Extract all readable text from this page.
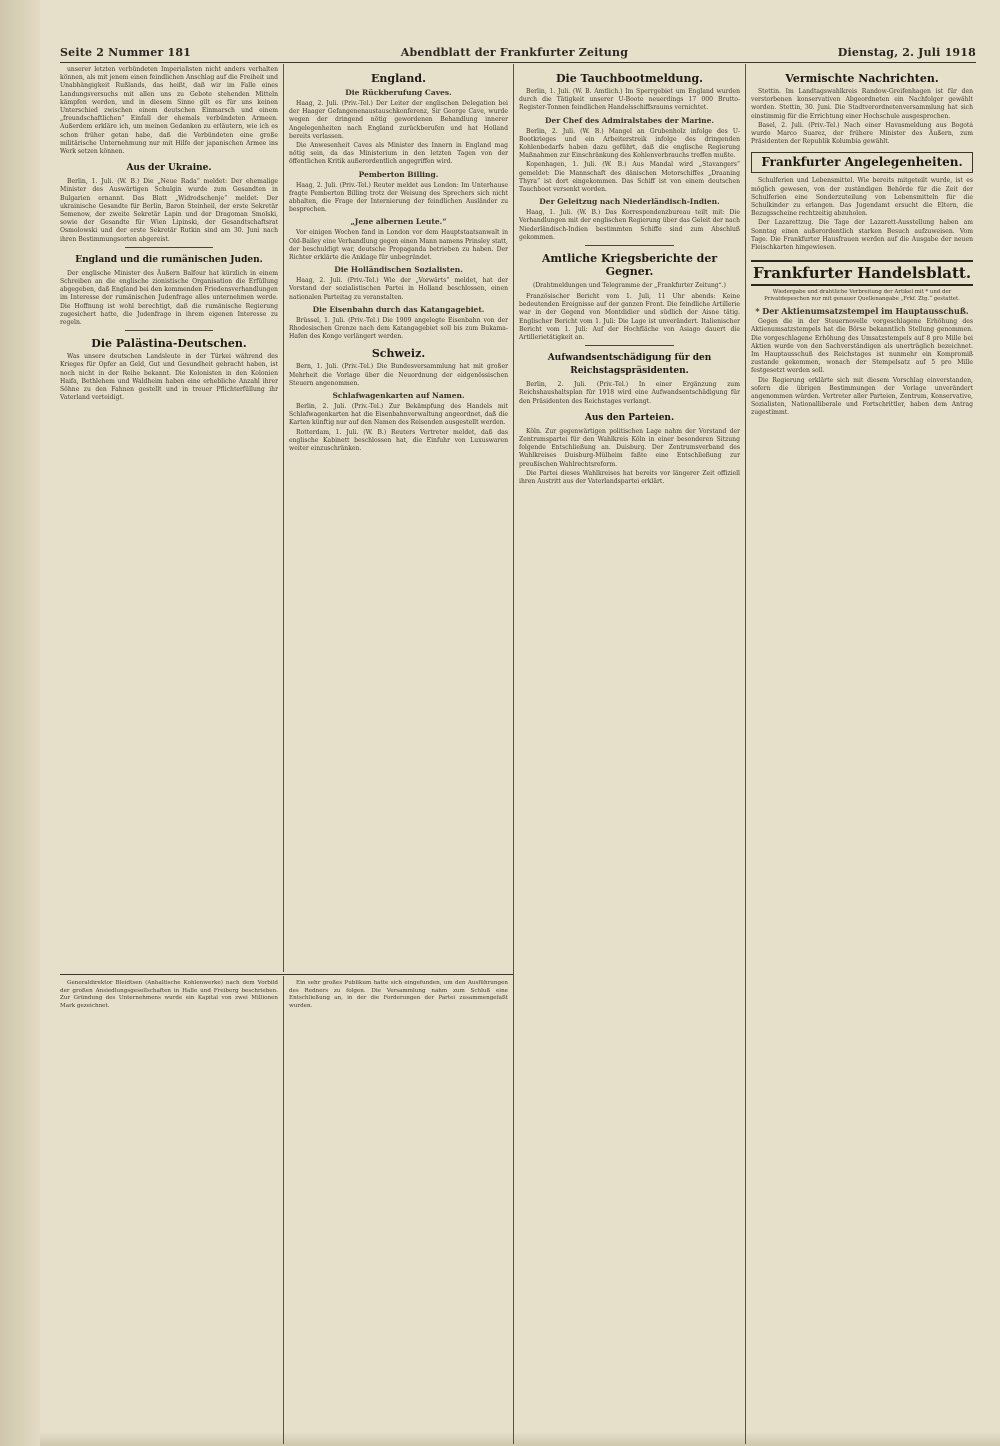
Seite 2 Nummer 181	Abendblatt der Frankfurter Zeitung	Dienstag, 2. Juli 1918

unserer letzten verbündeten Imperialisten nicht anders verhalten können, als mit jenem einen feindlichen Anschlag auf die Freiheit und Unabhängigkeit Rußlands, das heißt, daß wir im Falle eines Landungsversuchs mit allen uns zu Gebote stehenden Mitteln kämpfen werden, und in diesem Sinne gilt es für uns keinen Unterschied zwischen einem deutschen Einmarsch und einem „freundschaftlichen“ Einfall der ehemals verbündeten Armeen. Außerdem erkläre ich, um meinen Gedanken zu erläutern, wie ich es schon früher getan habe, daß die Verbündeten eine große militärische Unternehmung nur mit Hilfe der japanischen Armee ins Werk setzen können.

Aus der Ukraine.

Berlin, 1. Juli. (W. B.) Die „Neue Rada“ meldet: Der ehemalige Minister des Auswärtigen Schulgin wurde zum Gesandten in Bulgarien ernannt. Das Blatt „Widrodschenje“ meldet: Der ukrainische Gesandte für Berlin, Baron Steinheil, der erste Sekretär Semenow, der zweite Sekretär Lapin und der Dragoman Smolski, sowie der Gesandte für Wien Lipinski, der Gesandtschaftsrat Osmolowski und der erste Sekretär Rutkin sind am 30. Juni nach ihren Bestimmungsorten abgereist.

England und die rumänischen Juden.

Der englische Minister des Äußern Balfour hat kürzlich in einem Schreiben an die englische zionistische Organisation die Erfüllung abgegeben, daß England bei den kommenden Friedensverhandlungen im Interesse der rumänischen Judenfrage alles unternehmen werde. Die Hoffnung ist wohl berechtigt, daß die rumänische Regierung zugesichert hatte, die Judenfrage in ihrem eigenen Interesse zu regeln.

Die Palästina-Deutschen.

Was unsere deutschen Landsleute in der Türkei während des Krieges für Opfer an Geld, Gut und Gesundheit gebracht haben, ist noch nicht in der Reihe bekannt. Die Kolonisten in den Kolonien Haifa, Bethlehem und Waldheim haben eine erhebliche Anzahl ihrer Söhne zu den Fahnen gestellt und in treuer Pflichterfüllung ihr Vaterland verteidigt.

England.
Die Rückberufung Caves.

Haag, 2. Juli. (Priv.-Tel.) Der Leiter der englischen Delegation bei der Haager Gefangenenaustauschkonferenz, Sir George Cave, wurde wegen der dringend nötig gewordenen Behandlung innerer Angelegenheiten nach England zurückberufen und hat Holland bereits verlassen.

Die Anwesenheit Caves als Minister des Innern in England mag nötig sein, da das Ministerium in den letzten Tagen von der öffentlichen Kritik außerordentlich angegriffen wird.

Pemberton Billing.

Haag, 2. Juli. (Priv.-Tel.) Reuter meldet aus London: Im Unterhause fragte Pemberton Billing trotz der Weisung des Sprechers sich nicht abhalten, die Frage der Internierung der feindlichen Ausländer zu besprechen.

„Jene albernen Leute.“

Vor einigen Wochen fand in London vor dem Hauptstaatsanwalt in Old-Bailey eine Verhandlung gegen einen Mann namens Prinsley statt, der beschuldigt war, deutsche Propaganda betrieben zu haben. Der Richter erklärte die Anklage für unbegründet.

Die Holländischen Sozialisten.

Haag, 2. Juli. (Priv.-Tel.) Wie der „Vorwärts“ meldet, hat der Vorstand der sozialistischen Partei in Holland beschlossen, einen nationalen Parteitag zu veranstalten.

Die Eisenbahn durch das Katangagebiet.

Brüssel, 1. Juli. (Priv.-Tel.) Die 1909 angelegte Eisenbahn von der Rhodesischen Grenze nach dem Katangagebiet soll bis zum Bukama-Hafen des Kongo verlängert werden.

Schweiz.

Bern, 1. Juli. (Priv.-Tel.) Die Bundesversammlung hat mit großer Mehrheit die Vorlage über die Neuordnung der eidgenössischen Steuern angenommen.

Schlafwagenkarten auf Namen.

Berlin, 2. Juli. (Priv.-Tel.) Zur Bekämpfung des Handels mit Schlafwagenkarten hat die Eisenbahnverwaltung angeordnet, daß die Karten künftig nur auf den Namen des Reisenden ausgestellt werden.

Rotterdam, 1. Juli. (W. B.) Reuters Vertreter meldet, daß das englische Kabinett beschlossen hat, die Einfuhr von Luxuswaren weiter einzuschränken.

Generaldirektor Bleidtsen (Anhaltische Kohlenwerke) nach dem Vorbild der großen Ansiedlungsgesellschaften in Halle und Freiberg beschrieben. Zur Gründung des Unternehmens wurde ein Kapital von zwei Millionen Mark gezeichnet.

Ein sehr großes Publikum hatte sich eingefunden, um den Ausführungen des Redners zu folgen. Die Versammlung nahm zum Schluß eine Entschließung an, in der die Forderungen der Partei zusammengefaßt wurden.

Die Tauchbootmeldung.

Berlin, 1. Juli. (W. B. Amtlich.) Im Sperrgebiet um England wurden durch die Tätigkeit unserer U-Boote neuerdings 17 000 Brutto-Register-Tonnen feindlichen Handelsschiffsraums vernichtet.

Der Chef des Admiralstabes der Marine.

Berlin, 2. Juli. (W. B.) Mangel an Grubenholz infolge des U-Bootkrieges und ein Arbeiterstreik infolge des dringenden Kohlenbedarfs haben dazu geführt, daß die englische Regierung Maßnahmen zur Einschränkung des Kohlenverbrauchs treffen mußte.

Kopenhagen, 1. Juli. (W. B.) Aus Mandal wird „Stavangers“ gemeldet: Die Mannschaft des dänischen Motorschiffes „Draaning Thyra“ ist dort eingekommen. Das Schiff ist von einem deutschen Tauchboot versenkt worden.

Der Geleitzug nach Niederländisch-Indien.

Haag, 1. Juli. (W. B.) Das Korrespondenzbureau teilt mit: Die Verhandlungen mit der englischen Regierung über das Geleit der nach Niederländisch-Indien bestimmten Schiffe sind zum Abschluß gekommen.

Amtliche Kriegsberichte der Gegner.
(Drahtmeldungen und Telegramme der „Frankfurter Zeitung“.)

Französischer Bericht vom 1. Juli, 11 Uhr abends: Keine bedeutenden Ereignisse auf der ganzen Front. Die feindliche Artillerie war in der Gegend von Montdidier und südlich der Aisne tätig. Englischer Bericht vom 1. Juli: Die Lage ist unverändert. Italienischer Bericht vom 1. Juli: Auf der Hochfläche von Asiago dauert die Artillerietätigkeit an.

Aufwandsentschädigung für den Reichstagspräsidenten.

Berlin, 2. Juli. (Priv.-Tel.) In einer Ergänzung zum Reichshaushaltsplan für 1918 wird eine Aufwandsentschädigung für den Präsidenten des Reichstages verlangt.

Aus den Parteien.

Köln. Zur gegenwärtigen politischen Lage nahm der Vorstand der Zentrumspartei für den Wahlkreis Köln in einer besonderen Sitzung folgende Entschließung an. Duisburg. Der Zentrumsverband des Wahlkreises Duisburg-Mülheim faßte eine Entschließung zur preußischen Wahlrechtsreform.

Die Partei dieses Wahlkreises hat bereits vor längerer Zeit offiziell ihren Austritt aus der Vaterlandspartei erklärt.

Vermischte Nachrichten.

Stettin. Im Landtagswahlkreis Randow-Greifenhagen ist für den verstorbenen konservativen Abgeordneten ein Nachfolger gewählt worden. Stettin, 30. Juni. Die Stadtverordnetenversammlung hat sich einstimmig für die Errichtung einer Hochschule ausgesprochen.

Basel, 2. Juli. (Priv.-Tel.) Nach einer Havasmeldung aus Bogotá wurde Marco Suarez, der frühere Minister des Äußern, zum Präsidenten der Republik Kolumbia gewählt.

Frankfurter Angelegenheiten.

Schulferien und Lebensmittel. Wie bereits mitgeteilt wurde, ist es möglich gewesen, von der zuständigen Behörde für die Zeit der Schulferien eine Sonderzuteilung von Lebensmitteln für die Schulkinder zu erlangen. Das Jugendamt ersucht die Eltern, die Bezugsscheine rechtzeitig abzuholen.

Der Lazarettzug. Die Tage der Lazarett-Ausstellung haben am Sonntag einen außerordentlich starken Besuch aufzuweisen. Vom Tage. Die Frankfurter Hausfrauen werden auf die Ausgabe der neuen Fleischkarten hingewiesen.

Frankfurter Handelsblatt.
Wiedergabe und drahtliche Verbreitung der Artikel mit * und der Privatdepeschen nur mit genauer Quellenangabe „Frkf. Ztg.“ gestattet.
* Der Aktienumsatzstempel im Hauptausschuß.

Gegen die in der Steuernovelle vorgeschlagene Erhöhung des Aktienumsatzstempels hat die Börse bekanntlich Stellung genommen. Die vorgeschlagene Erhöhung des Umsatzstempels auf 8 pro Mille bei Aktien wurde von den Sachverständigen als unerträglich bezeichnet. Im Hauptausschuß des Reichstages ist nunmehr ein Kompromiß zustande gekommen, wonach der Stempelsatz auf 5 pro Mille festgesetzt werden soll.

Die Regierung erklärte sich mit diesem Vorschlag einverstanden, sofern die übrigen Bestimmungen der Vorlage unverändert angenommen würden. Vertreter aller Parteien, Zentrum, Konservative, Sozialisten, Nationalliberale und Fortschrittler, haben dem Antrag zugestimmt.
